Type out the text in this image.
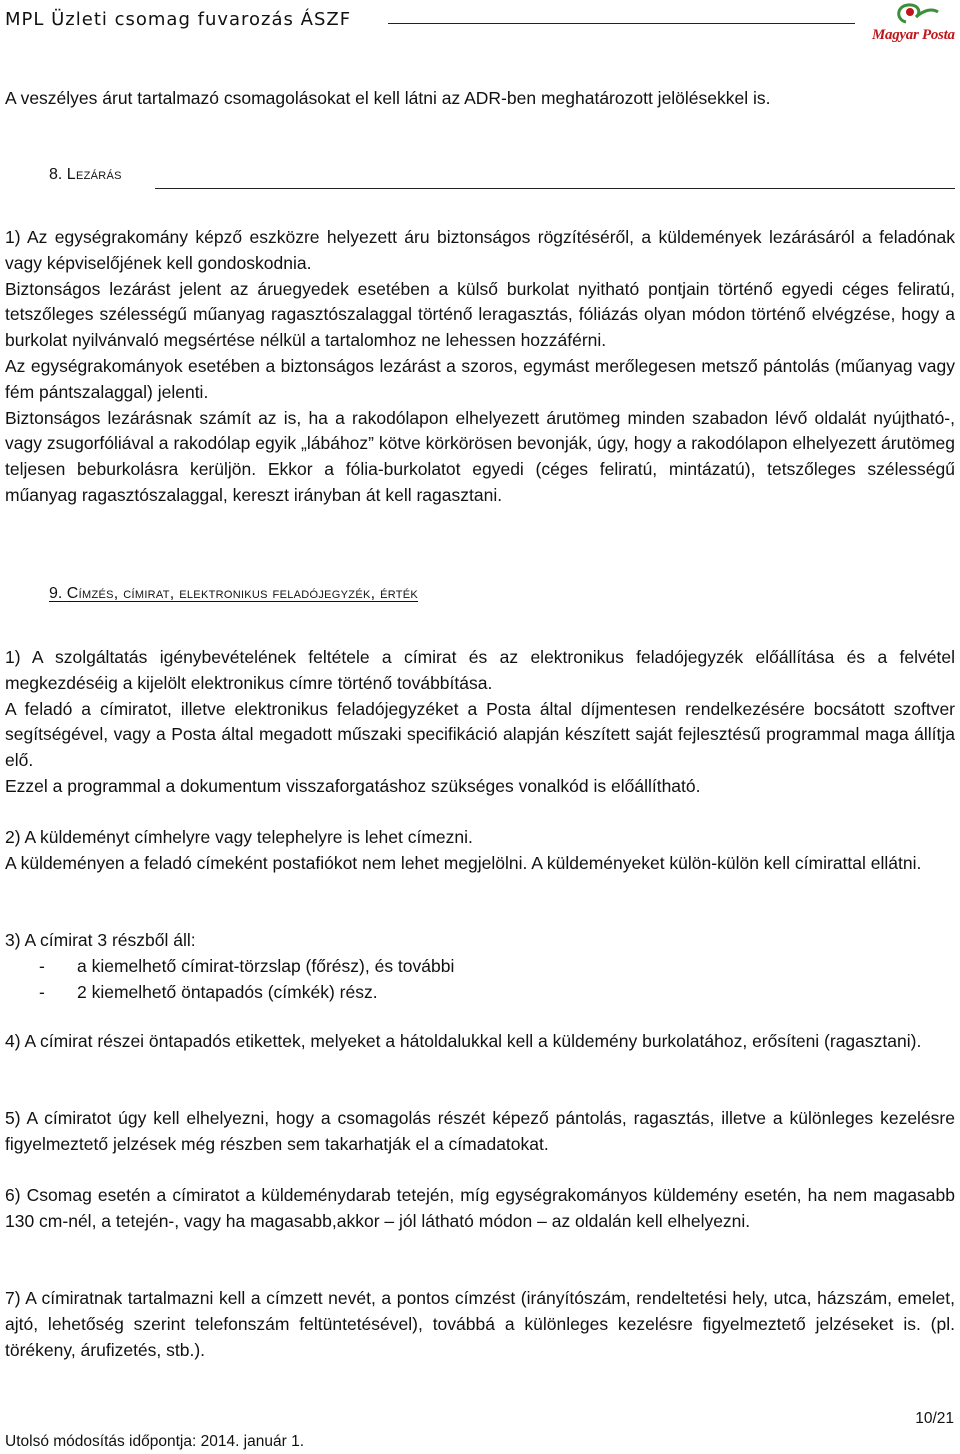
MPL Üzleti csomag fuvarozás ÁSZF
Magyar Posta

A veszélyes árut tartalmazó csomagolásokat el kell látni az ADR-ben meghatározott jelölésekkel is.

8. Lezárás

1) Az egységrakomány képző eszközre helyezett áru biztonságos rögzítéséről, a küldemények lezárásáról a feladónak vagy képviselőjének kell gondoskodnia.

Biztonságos lezárást jelent az áruegyedek esetében a külső burkolat nyitható pontjain történő egyedi céges feliratú, tetszőleges szélességű műanyag ragasztószalaggal történő leragasztás, fóliázás olyan módon történő elvégzése, hogy a burkolat nyilvánvaló megsértése nélkül a tartalomhoz ne lehessen hozzáférni.

Az egységrakományok esetében a biztonságos lezárást a szoros, egymást merőlegesen metsző pántolás (műanyag vagy fém pántszalaggal) jelenti.

Biztonságos lezárásnak számít az is, ha a rakodólapon elhelyezett árutömeg minden szabadon lévő oldalát nyújtható-, vagy zsugorfóliával a rakodólap egyik „lábához” kötve körkörösen bevonják, úgy, hogy a rakodólapon elhelyezett árutömeg teljesen beburkolásra kerüljön. Ekkor a fólia-burkolatot egyedi (céges feliratú, mintázatú), tetszőleges szélességű műanyag ragasztószalaggal, kereszt irányban át kell ragasztani.

9. Címzés, címirat, elektronikus feladójegyzék, érték

1) A szolgáltatás igénybevételének feltétele a címirat és az elektronikus feladójegyzék előállítása és a felvétel megkezdéséig a kijelölt elektronikus címre történő továbbítása.

A feladó a címiratot, illetve elektronikus feladójegyzéket a Posta által díjmentesen rendelkezésére bocsátott szoftver segítségével, vagy a Posta által megadott műszaki specifikáció alapján készített saját fejlesztésű programmal maga állítja elő.

Ezzel a programmal a dokumentum visszaforgatáshoz szükséges vonalkód is előállítható.

2) A küldeményt címhelyre vagy telephelyre is lehet címezni.

A küldeményen a feladó címeként postafiókot nem lehet megjelölni. A küldeményeket külön-külön kell címirattal ellátni.

3) A címirat 3 részből áll:

- a kiemelhető címirat-törzslap (főrész), és további
- 2 kiemelhető öntapadós (címkék) rész.

4) A címirat részei öntapadós etikettek, melyeket a hátoldalukkal kell a küldemény burkolatához, erősíteni (ragasztani).

5) A címiratot úgy kell elhelyezni, hogy a csomagolás részét képező pántolás, ragasztás, illetve a különleges kezelésre figyelmeztető jelzések még részben sem takarhatják el a címadatokat.

6) Csomag esetén a címiratot a küldeménydarab tetején, míg egységrakományos küldemény esetén, ha nem magasabb 130 cm-nél, a tetején-, vagy ha magasabb,akkor – jól látható módon – az oldalán kell elhelyezni.

7) A címiratnak tartalmazni kell a címzett nevét, a pontos címzést (irányítószám, rendeltetési hely, utca, házszám, emelet, ajtó, lehetőség szerint telefonszám feltüntetésével), továbbá a különleges kezelésre figyelmeztető jelzéseket is. (pl. törékeny, árufizetés, stb.).

10/21
Utolsó módosítás időpontja: 2014. január 1.
